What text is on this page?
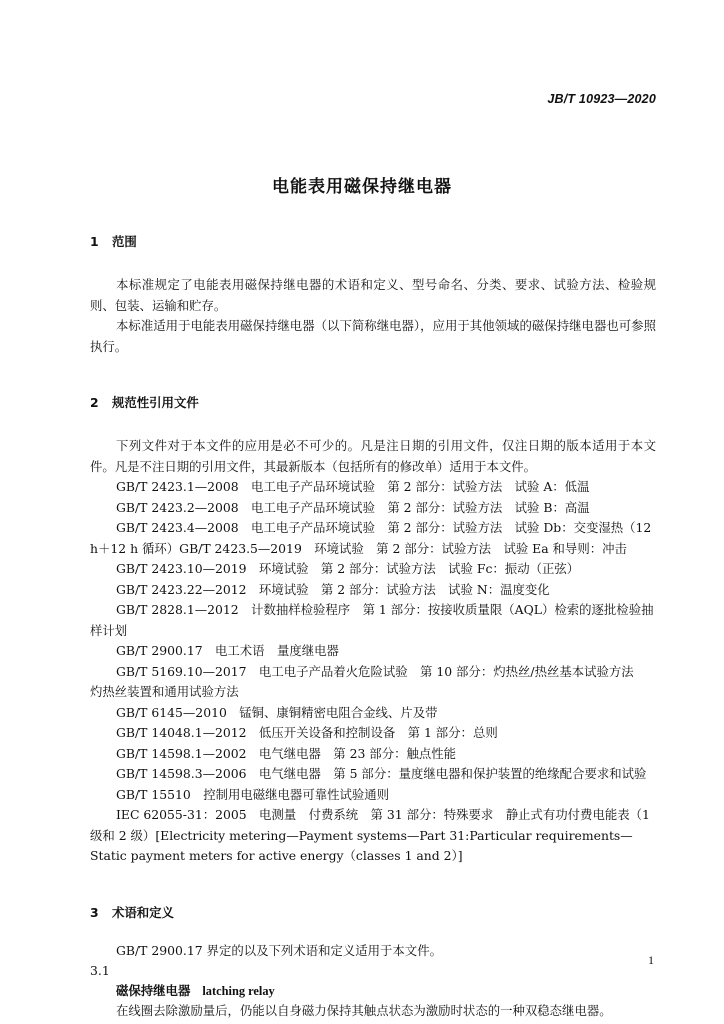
JB/T 10923—2020
电能表用磁保持继电器
1 范围

本标准规定了电能表用磁保持继电器的术语和定义、型号命名、分类、要求、试验方法、检验规则、包装、运输和贮存。

本标准适用于电能表用磁保持继电器（以下简称继电器），应用于其他领域的磁保持继电器也可参照执行。

2 规范性引用文件

下列文件对于本文件的应用是必不可少的。凡是注日期的引用文件，仅注日期的版本适用于本文件。凡是不注日期的引用文件，其最新版本（包括所有的修改单）适用于本文件。

GB/T 2423.1—2008　电工电子产品环境试验　第 2 部分：试验方法　试验 A：低温
GB/T 2423.2—2008　电工电子产品环境试验　第 2 部分：试验方法　试验 B：高温
GB/T 2423.4—2008　电工电子产品环境试验　第 2 部分：试验方法　试验 Db：交变湿热（12 h＋12 h 循环）GB/T 2423.5—2019　环境试验　第 2 部分：试验方法　试验 Ea 和导则：冲击
GB/T 2423.10—2019　环境试验　第 2 部分：试验方法　试验 Fc：振动（正弦）
GB/T 2423.22—2012　环境试验　第 2 部分：试验方法　试验 N：温度变化
GB/T 2828.1—2012　计数抽样检验程序　第 1 部分：按接收质量限（AQL）检索的逐批检验抽样计划
GB/T 2900.17　电工术语　量度继电器
GB/T 5169.10—2017　电工电子产品着火危险试验　第 10 部分：灼热丝/热丝基本试验方法　灼热丝装置和通用试验方法
GB/T 6145—2010　锰铜、康铜精密电阻合金线、片及带
GB/T 14048.1—2012　低压开关设备和控制设备　第 1 部分：总则
GB/T 14598.1—2002　电气继电器　第 23 部分：触点性能
GB/T 14598.3—2006　电气继电器　第 5 部分：量度继电器和保护装置的绝缘配合要求和试验
GB/T 15510　控制用电磁继电器可靠性试验通则
IEC 62055-31：2005　电测量　付费系统　第 31 部分：特殊要求　静止式有功付费电能表（1 级和 2 级）[Electricity metering—Payment systems—Part 31:Particular requirements—Static payment meters for active energy（classes 1 and 2）]
3 术语和定义

GB/T 2900.17 界定的以及下列术语和定义适用于本文件。

3.1
磁保持继电器 latching relay

在线圈去除激励量后，仍能以自身磁力保持其触点状态为激励时状态的一种双稳态继电器。

1
